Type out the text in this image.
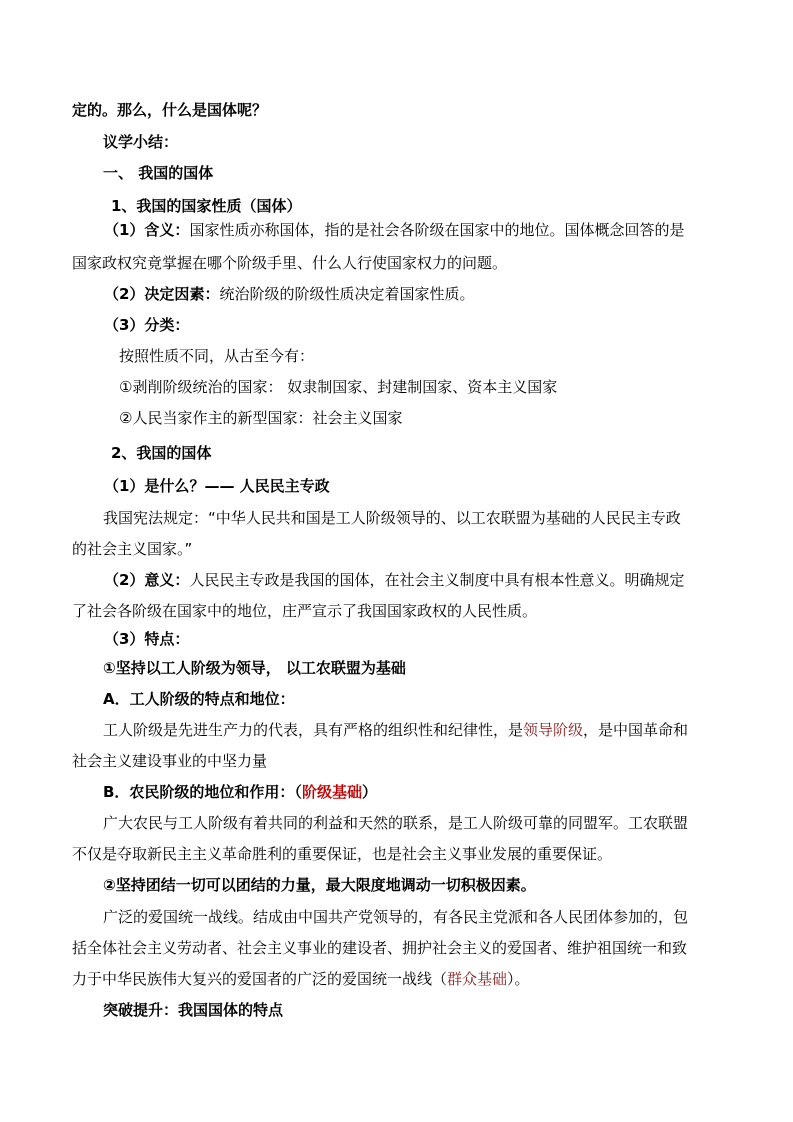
定的。那么，什么是国体呢？
议学小结：
一、 我国的国体
1、我国的国家性质（国体）
（1）含义：国家性质亦称国体，指的是社会各阶级在国家中的地位。国体概念回答的是
国家政权究竟掌握在哪个阶级手里、什么人行使国家权力的问题。
（2）决定因素：统治阶级的阶级性质决定着国家性质。
（3）分类：
按照性质不同，从古至今有：
①剥削阶级统治的国家： 奴隶制国家、封建制国家、资本主义国家
②人民当家作主的新型国家：社会主义国家
2、我国的国体
（1）是什么？—— 人民民主专政
我国宪法规定：“中华人民共和国是工人阶级领导的、以工农联盟为基础的人民民主专政
的社会主义国家。”
（2）意义：人民民主专政是我国的国体，在社会主义制度中具有根本性意义。明确规定
了社会各阶级在国家中的地位，庄严宣示了我国国家政权的人民性质。
（3）特点：
①坚持以工人阶级为领导， 以工农联盟为基础
A．工人阶级的特点和地位：
工人阶级是先进生产力的代表，具有严格的组织性和纪律性，是领导阶级，是中国革命和
社会主义建设事业的中坚力量
B．农民阶级的地位和作用：（阶级基础）
广大农民与工人阶级有着共同的利益和天然的联系，是工人阶级可靠的同盟军。工农联盟
不仅是夺取新民主主义革命胜利的重要保证，也是社会主义事业发展的重要保证。
②坚持团结一切可以团结的力量，最大限度地调动一切积极因素。
广泛的爱国统一战线。结成由中国共产党领导的，有各民主党派和各人民团体参加的，包
括全体社会主义劳动者、社会主义事业的建设者、拥护社会主义的爱国者、维护祖国统一和致
力于中华民族伟大复兴的爱国者的广泛的爱国统一战线（群众基础）。
突破提升：我国国体的特点
